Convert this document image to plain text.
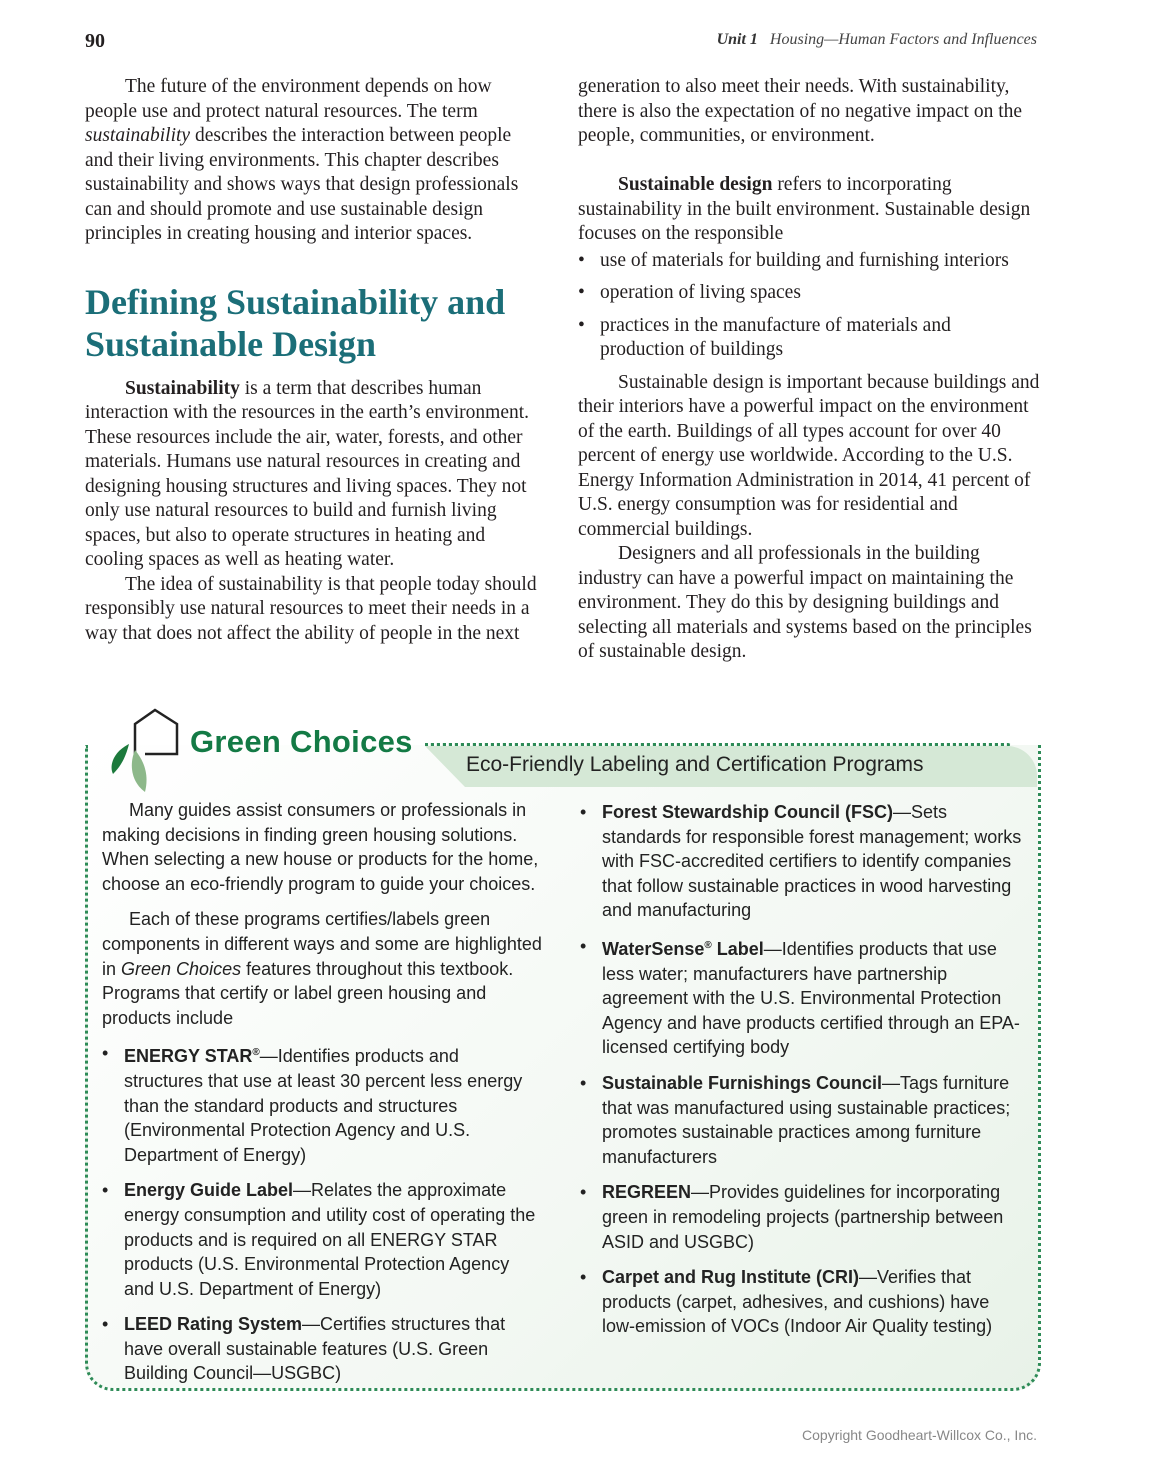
90	Unit 1 Housing—Human Factors and Influences

The future of the environment depends on how people use and protect natural resources. The term sustainability describes the interaction between people and their living environments. This chapter describes sustainability and shows ways that design professionals can and should promote and use sustainable design principles in creating housing and interior spaces.

Defining Sustainability and Sustainable Design

Sustainability is a term that describes human interaction with the resources in the earth’s environment. These resources include the air, water, forests, and other materials. Humans use natural resources in creating and designing housing structures and living spaces. They not only use natural resources to build and furnish living spaces, but also to operate structures in heating and cooling spaces as well as heating water.

The idea of sustainability is that people today should responsibly use natural resources to meet their needs in a way that does not affect the ability of people in the next

generation to also meet their needs. With sustainability, there is also the expectation of no negative impact on the people, communities, or environment.

Sustainable design refers to incorporating sustainability in the built environment. Sustainable design focuses on the responsible

• use of materials for building and furnishing interiors
• operation of living spaces
• practices in the manufacture of materials and production of buildings

Sustainable design is important because buildings and their interiors have a powerful impact on the environment of the earth. Buildings of all types account for over 40 percent of energy use worldwide. According to the U.S. Energy Information Administration in 2014, 41 percent of U.S. energy consumption was for residential and commercial buildings.

Designers and all professionals in the building industry can have a powerful impact on maintaining the environment. They do this by designing buildings and selecting all materials and systems based on the principles of sustainable design.

Eco-Friendly Labeling and Certification Programs
Green Choices

Many guides assist consumers or professionals in making decisions in finding green housing solutions. When selecting a new house or products for the home, choose an eco-friendly program to guide your choices.

Each of these programs certifies/labels green components in different ways and some are highlighted in Green Choices features throughout this textbook. Programs that certify or label green housing and products include

• ENERGY STAR®—Identifies products and structures that use at least 30 percent less energy than the standard products and structures (Environmental Protection Agency and U.S. Department of Energy)
• Energy Guide Label—Relates the approximate energy consumption and utility cost of operating the products and is required on all ENERGY STAR products (U.S. Environmental Protection Agency and U.S. Department of Energy)
• LEED Rating System—Certifies structures that have overall sustainable features (U.S. Green Building Council—USGBC)
• Forest Stewardship Council (FSC)—Sets standards for responsible forest management; works with FSC-accredited certifiers to identify companies that follow sustainable practices in wood harvesting and manufacturing
• WaterSense® Label—Identifies products that use less water; manufacturers have partnership agreement with the U.S. Environmental Protection Agency and have products certified through an EPA-licensed certifying body
• Sustainable Furnishings Council—Tags furniture that was manufactured using sustainable practices; promotes sustainable practices among furniture manufacturers
• REGREEN—Provides guidelines for incorporating green in remodeling projects (partnership between ASID and USGBC)
• Carpet and Rug Institute (CRI)—Verifies that products (carpet, adhesives, and cushions) have low-emission of VOCs (Indoor Air Quality testing)
Copyright Goodheart-Willcox Co., Inc.
